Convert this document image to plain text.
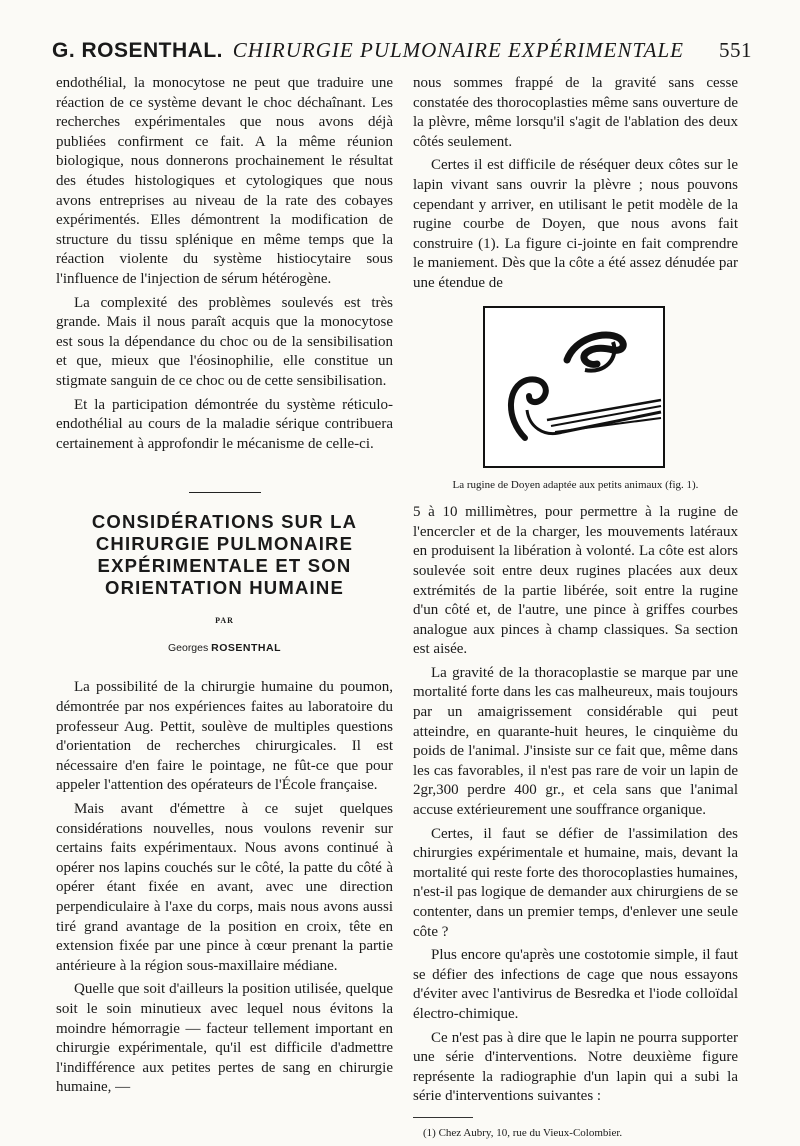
G. ROSENTHAL. CHIRURGIE PULMONAIRE EXPÉRIMENTALE 551

endothélial, la monocytose ne peut que traduire une réaction de ce système devant le choc déchaînant. Les recherches expérimentales que nous avons déjà publiées confirment ce fait. A la même réunion biologique, nous donnerons prochainement le résultat des études histologiques et cytologiques que nous avons entreprises au niveau de la rate des cobayes expérimentés. Elles démontrent la modification de structure du tissu splénique en même temps que la réaction violente du système histiocytaire sous l'influence de l'injection de sérum hétérogène.

La complexité des problèmes soulevés est très grande. Mais il nous paraît acquis que la monocytose est sous la dépendance du choc ou de la sensibilisation et que, mieux que l'éosinophilie, elle constitue un stigmate sanguin de ce choc ou de cette sensibilisation.

Et la participation démontrée du système réticulo-endothélial au cours de la maladie sérique contribuera certainement à approfondir le mécanisme de celle-ci.

CONSIDÉRATIONS SUR LA
CHIRURGIE PULMONAIRE
EXPÉRIMENTALE ET SON
ORIENTATION HUMAINE
PAR
Georges ROSENTHAL

La possibilité de la chirurgie humaine du poumon, démontrée par nos expériences faites au laboratoire du professeur Aug. Pettit, soulève de multiples questions d'orientation de recherches chirurgicales. Il est nécessaire d'en faire le pointage, ne fût-ce que pour appeler l'attention des opérateurs de l'École française.

Mais avant d'émettre à ce sujet quelques considérations nouvelles, nous voulons revenir sur certains faits expérimentaux. Nous avons continué à opérer nos lapins couchés sur le côté, la patte du côté à opérer étant fixée en avant, avec une direction perpendiculaire à l'axe du corps, mais nous avons aussi tiré grand avantage de la position en croix, tête en extension fixée par une pince à cœur prenant la partie antérieure à la région sous-maxillaire médiane.

Quelle que soit d'ailleurs la position utilisée, quelque soit le soin minutieux avec lequel nous évitons la moindre hémorragie — facteur tellement important en chirurgie expérimentale, qu'il est difficile d'admettre l'indifférence aux petites pertes de sang en chirurgie humaine, —

nous sommes frappé de la gravité sans cesse constatée des thorocoplasties même sans ouverture de la plèvre, même lorsqu'il s'agit de l'ablation des deux côtés seulement.

Certes il est difficile de réséquer deux côtes sur le lapin vivant sans ouvrir la plèvre ; nous pouvons cependant y arriver, en utilisant le petit modèle de la rugine courbe de Doyen, que nous avons fait construire (1). La figure ci-jointe en fait comprendre le maniement. Dès que la côte a été assez dénudée par une étendue de

La rugine de Doyen adaptée aux petits animaux (fig. 1).

5 à 10 millimètres, pour permettre à la rugine de l'encercler et de la charger, les mouvements latéraux en produisent la libération à volonté. La côte est alors soulevée soit entre deux rugines placées aux deux extrémités de la partie libérée, soit entre la rugine d'un côté et, de l'autre, une pince à griffes courbes analogue aux pinces à champ classiques. Sa section est aisée.

La gravité de la thoracoplastie se marque par une mortalité forte dans les cas malheureux, mais toujours par un amaigrissement considérable qui peut atteindre, en quarante-huit heures, le cinquième du poids de l'animal. J'insiste sur ce fait que, même dans les cas favorables, il n'est pas rare de voir un lapin de 2gr,300 perdre 400 gr., et cela sans que l'animal accuse extérieurement une souffrance organique.

Certes, il faut se défier de l'assimilation des chirurgies expérimentale et humaine, mais, devant la mortalité qui reste forte des thorocoplasties humaines, n'est-il pas logique de demander aux chirurgiens de se contenter, dans un premier temps, d'enlever une seule côte ?

Plus encore qu'après une costotomie simple, il faut se défier des infections de cage que nous essayons d'éviter avec l'antivirus de Besredka et l'iode colloïdal électro-chimique.

Ce n'est pas à dire que le lapin ne pourra supporter une série d'interventions. Notre deuxième figure représente la radiographie d'un lapin qui a subi la série d'interventions suivantes :

(1) Chez Aubry, 10, rue du Vieux-Colombier.
